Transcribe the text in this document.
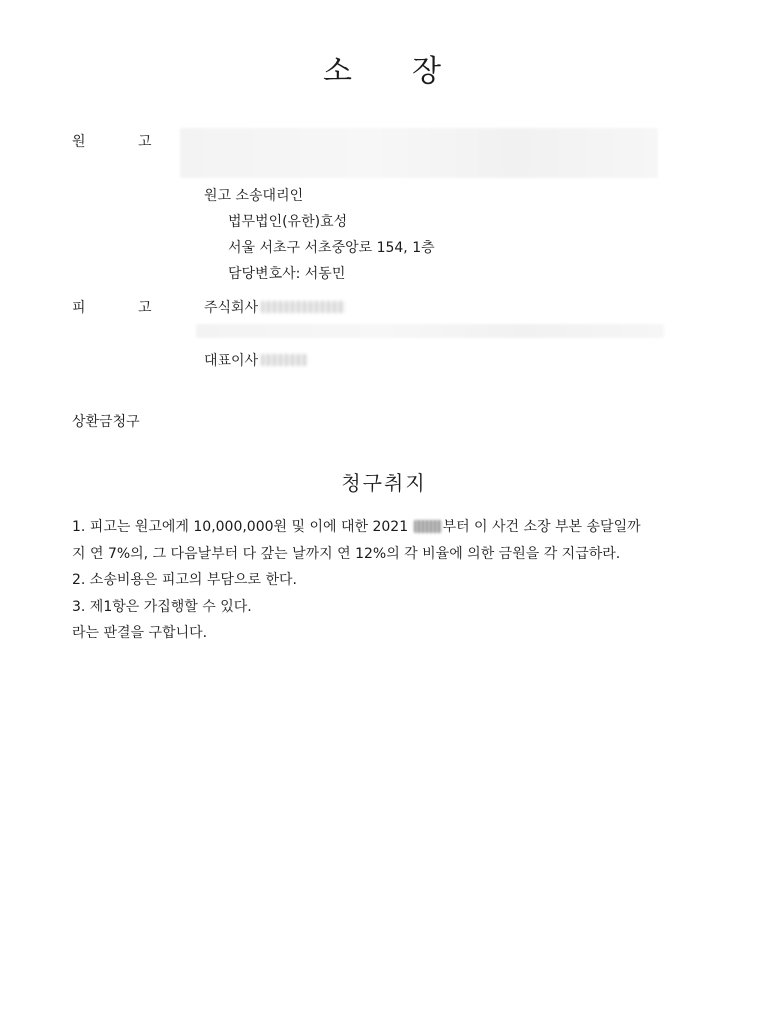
소 장
원	고
원고 소송대리인
법무법인(유한)효성
서울 서초구 서초중앙로 154, 1층
담당변호사: 서동민
피	고	주식회사
대표이사
상환금청구
청구취지
1. 피고는 원고에게 10,000,000원 및 이에 대한 2021 부터 이 사건 소장 부본 송달일까
지 연 7%의, 그 다음날부터 다 갚는 날까지 연 12%의 각 비율에 의한 금원을 각 지급하라.
2. 소송비용은 피고의 부담으로 한다.
3. 제1항은 가집행할 수 있다.
라는 판결을 구합니다.
